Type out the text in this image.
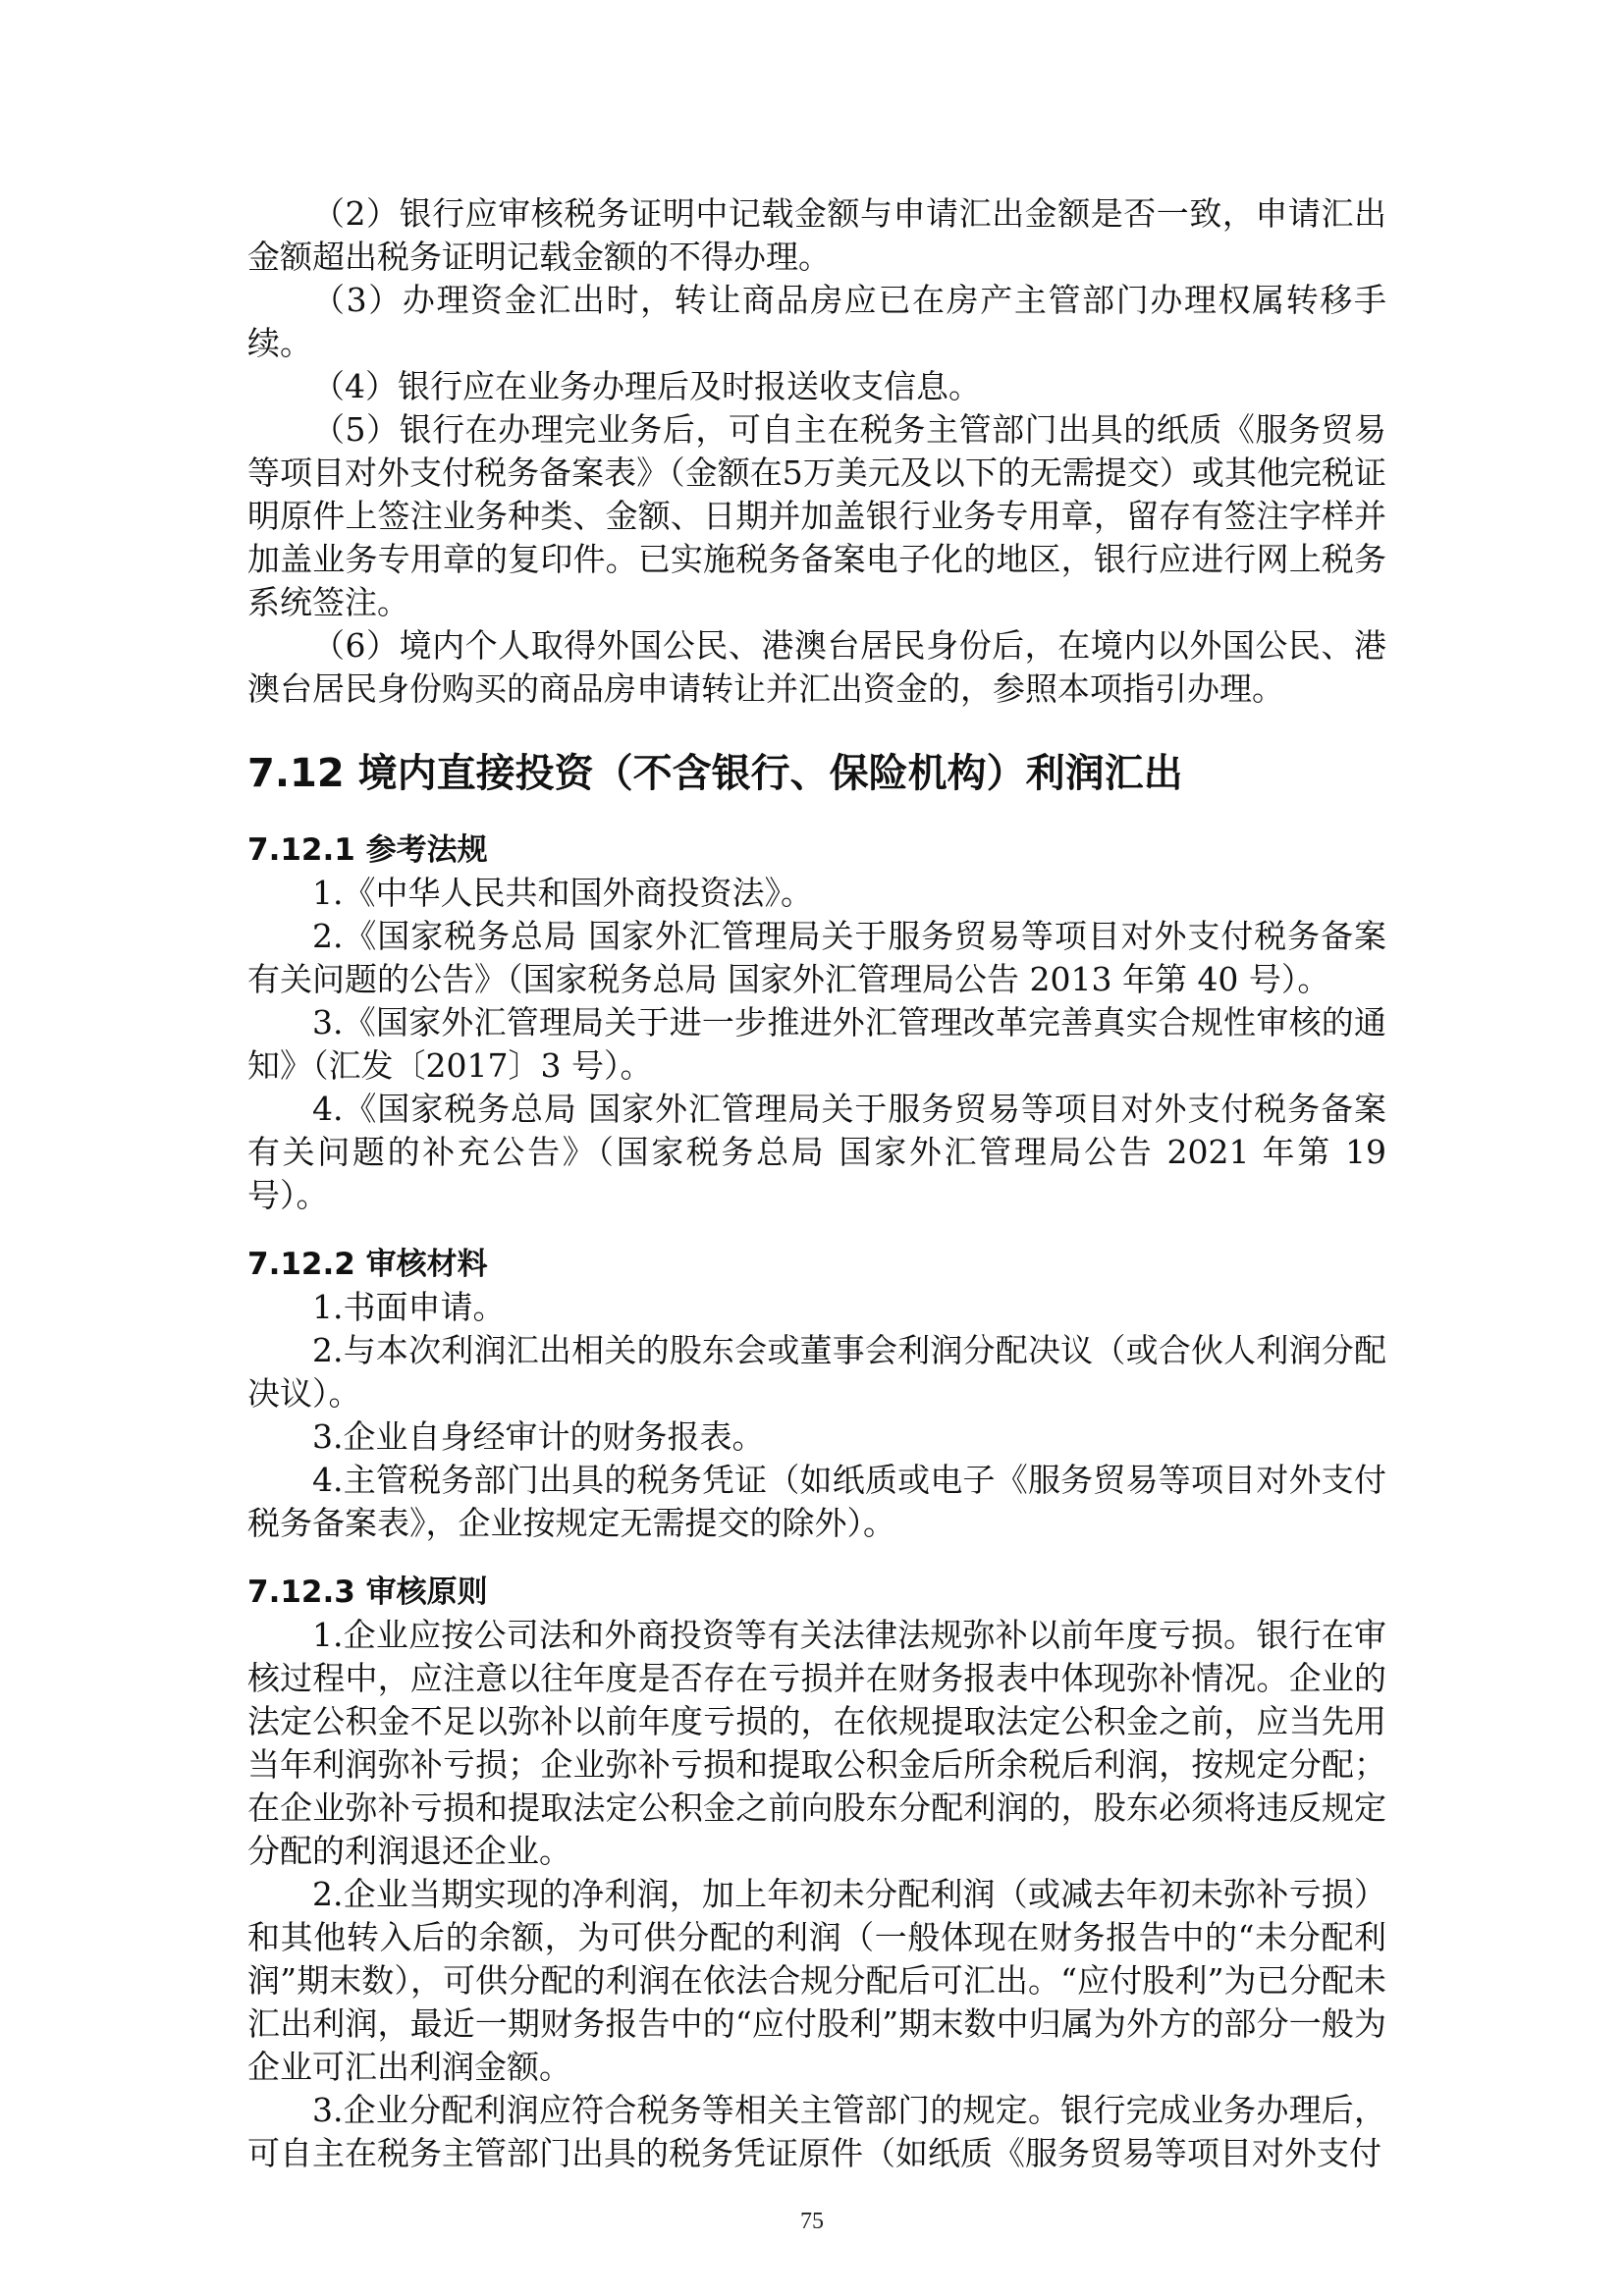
（2）银行应审核税务证明中记载金额与申请汇出金额是否一致，申请汇出金额超出税务证明记载金额的不得办理。

（3）办理资金汇出时，转让商品房应已在房产主管部门办理权属转移手续。

（4）银行应在业务办理后及时报送收支信息。

（5）银行在办理完业务后，可自主在税务主管部门出具的纸质《服务贸易等项目对外支付税务备案表》（金额在5万美元及以下的无需提交）或其他完税证明原件上签注业务种类、金额、日期并加盖银行业务专用章，留存有签注字样并加盖业务专用章的复印件。已实施税务备案电子化的地区，银行应进行网上税务系统签注。

（6）境内个人取得外国公民、港澳台居民身份后，在境内以外国公民、港澳台居民身份购买的商品房申请转让并汇出资金的，参照本项指引办理。

7.12 境内直接投资（不含银行、保险机构）利润汇出
7.12.1 参考法规

1.《中华人民共和国外商投资法》。

2.《国家税务总局 国家外汇管理局关于服务贸易等项目对外支付税务备案有关问题的公告》（国家税务总局 国家外汇管理局公告 2013 年第 40 号）。

3.《国家外汇管理局关于进一步推进外汇管理改革完善真实合规性审核的通知》（汇发〔2017〕3 号）。

4.《国家税务总局 国家外汇管理局关于服务贸易等项目对外支付税务备案有关问题的补充公告》（国家税务总局 国家外汇管理局公告 2021 年第 19 号）。

7.12.2 审核材料

1.书面申请。

2.与本次利润汇出相关的股东会或董事会利润分配决议（或合伙人利润分配决议）。

3.企业自身经审计的财务报表。

4.主管税务部门出具的税务凭证（如纸质或电子《服务贸易等项目对外支付税务备案表》，企业按规定无需提交的除外）。

7.12.3 审核原则

1.企业应按公司法和外商投资等有关法律法规弥补以前年度亏损。银行在审核过程中，应注意以往年度是否存在亏损并在财务报表中体现弥补情况。企业的法定公积金不足以弥补以前年度亏损的，在依规提取法定公积金之前，应当先用当年利润弥补亏损；企业弥补亏损和提取公积金后所余税后利润，按规定分配；在企业弥补亏损和提取法定公积金之前向股东分配利润的，股东必须将违反规定分配的利润退还企业。

2.企业当期实现的净利润，加上年初未分配利润（或减去年初未弥补亏损）和其他转入后的余额，为可供分配的利润（一般体现在财务报告中的“未分配利润”期末数），可供分配的利润在依法合规分配后可汇出。“应付股利”为已分配未汇出利润，最近一期财务报告中的“应付股利”期末数中归属为外方的部分一般为企业可汇出利润金额。

3.企业分配利润应符合税务等相关主管部门的规定。银行完成业务办理后，可自主在税务主管部门出具的税务凭证原件（如纸质《服务贸易等项目对外支付

75
